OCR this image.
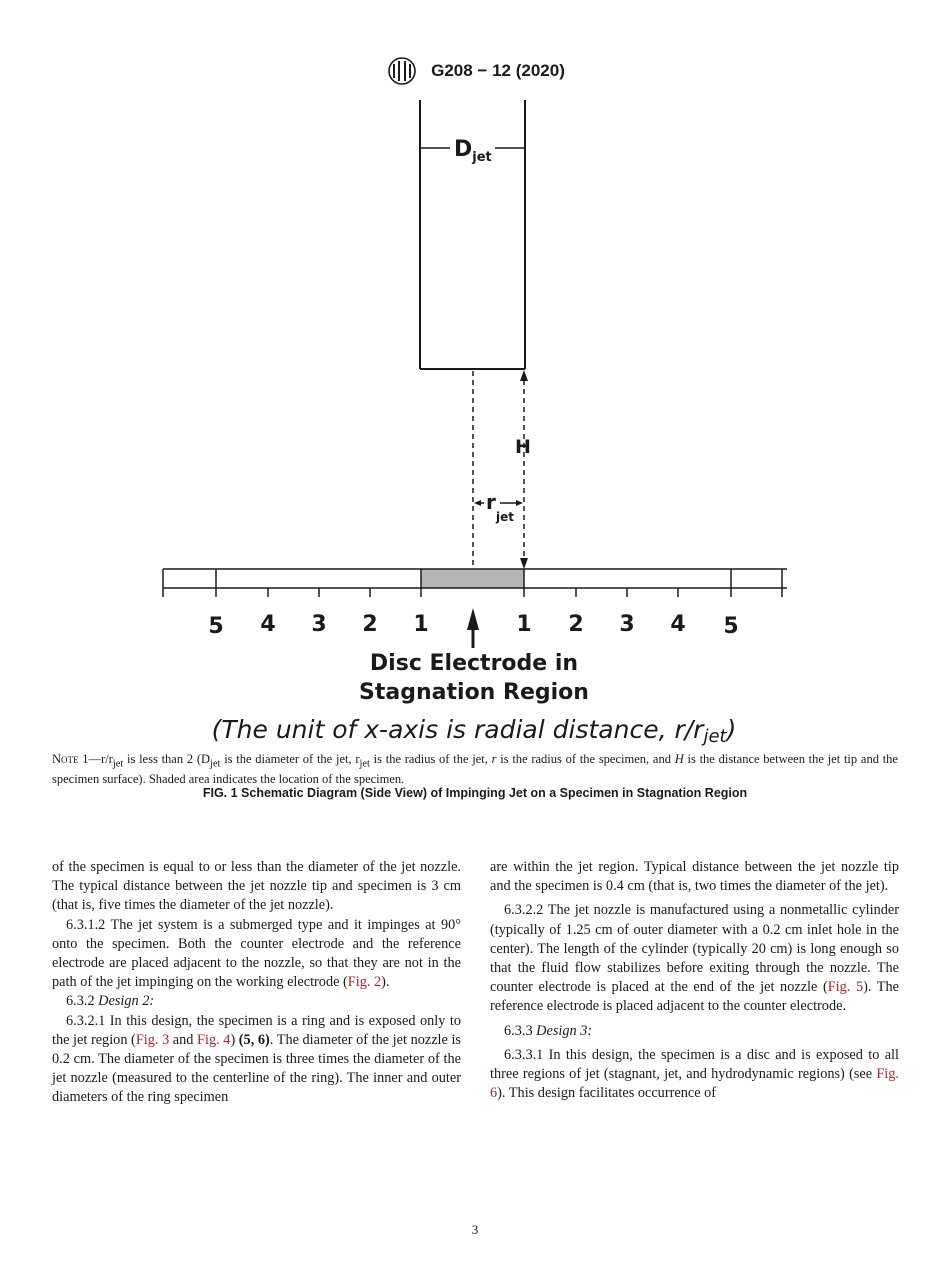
G208 − 12 (2020)
$D_{jet}$
H
r
jet
5 4 3 2 1	1 2 3 4 5
Disc Electrode in
Stagnation Region
(The unit of x-axis is radial distance, r/rjet)
Note $1—r/r_{jet}$ is less than 2 ($D_{jet}$ is the diameter of the jet, $r_{jet}$ is the radius of the jet, r is the radius of the specimen, and H is the distance between the jet tip and the specimen surface). Shaded area indicates the location of the specimen.
FIG. 1 Schematic Diagram (Side View) of Impinging Jet on a Specimen in Stagnation Region

of the specimen is equal to or less than the diameter of the jet nozzle. The typical distance between the jet nozzle tip and specimen is 3 cm (that is, five times the diameter of the jet nozzle).

6.3.1.2 The jet system is a submerged type and it impinges at 90° onto the specimen. Both the counter electrode and the reference electrode are placed adjacent to the nozzle, so that they are not in the path of the jet impinging on the working electrode (Fig. 2).

6.3.2 Design 2:

6.3.2.1 In this design, the specimen is a ring and is exposed only to the jet region (Fig. 3 and Fig. 4) (5, 6). The diameter of the jet nozzle is 0.2 cm. The diameter of the specimen is three times the diameter of the jet nozzle (measured to the centerline of the ring). The inner and outer diameters of the ring specimen

are within the jet region. Typical distance between the jet nozzle tip and the specimen is 0.4 cm (that is, two times the diameter of the jet).

6.3.2.2 The jet nozzle is manufactured using a nonmetallic cylinder (typically of 1.25 cm of outer diameter with a 0.2 cm inlet hole in the center). The length of the cylinder (typically 20 cm) is long enough so that the fluid flow stabilizes before exiting through the nozzle. The counter electrode is placed at the end of the jet nozzle (Fig. 5). The reference electrode is placed adjacent to the counter electrode.

6.3.3 Design 3:

6.3.3.1 In this design, the specimen is a disc and is exposed to all three regions of jet (stagnant, jet, and hydrodynamic regions) (see Fig. 6). This design facilitates occurrence of

3
